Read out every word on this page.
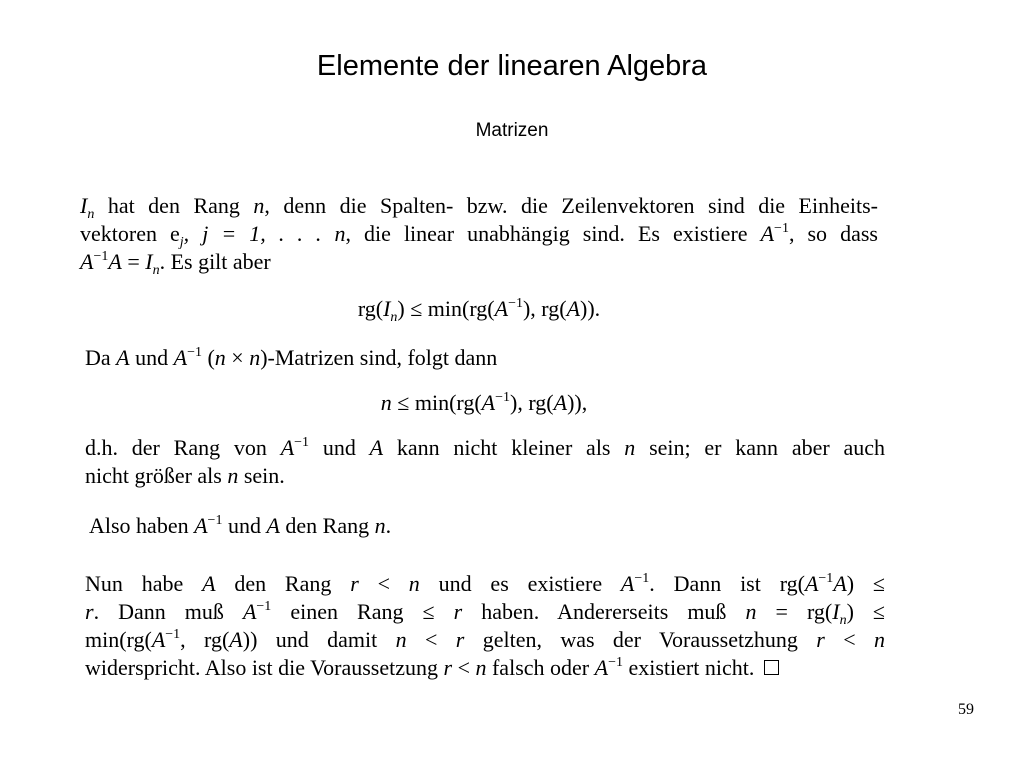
Elemente der linearen Algebra
Matrizen
$I_n$ hat den Rang n, denn die Spalten- bzw. die Zeilenvektoren sind die Einheits-
vektoren $e_j$, j = 1, . . . n, die linear unabhängig sind. Es existiere $A^{-1}$, so dass
$A^{-1}A = I_n$. Es gilt aber
$rg(I_n) \le \min(rg(A^{-1})$, rg(A)).
Da A und $A^{-1}$ (n × n)-Matrizen sind, folgt dann
$n \le \min(rg(A^{-1})$, rg(A)),
d.h. der Rang von $A^{-1}$ und A kann nicht kleiner als n sein; er kann aber auch
nicht größer als n sein.
Also haben $A^{-1}$ und A den Rang n.
Nun habe A den Rang r < n und es existiere $A^{-1}$. Dann ist $rg(A^{-1}A)$ ≤
r. Dann muß $A^{-1}$ einen Rang ≤ r haben. Andererseits muß $n = rg(I_n)$ ≤
$\min(rg(A^{-1}$, rg(A)) und damit n < r gelten, was der Voraussetzhung r < n
widerspricht. Also ist die Voraussetzung r < n falsch oder $A^{-1}$ existiert nicht.
59
